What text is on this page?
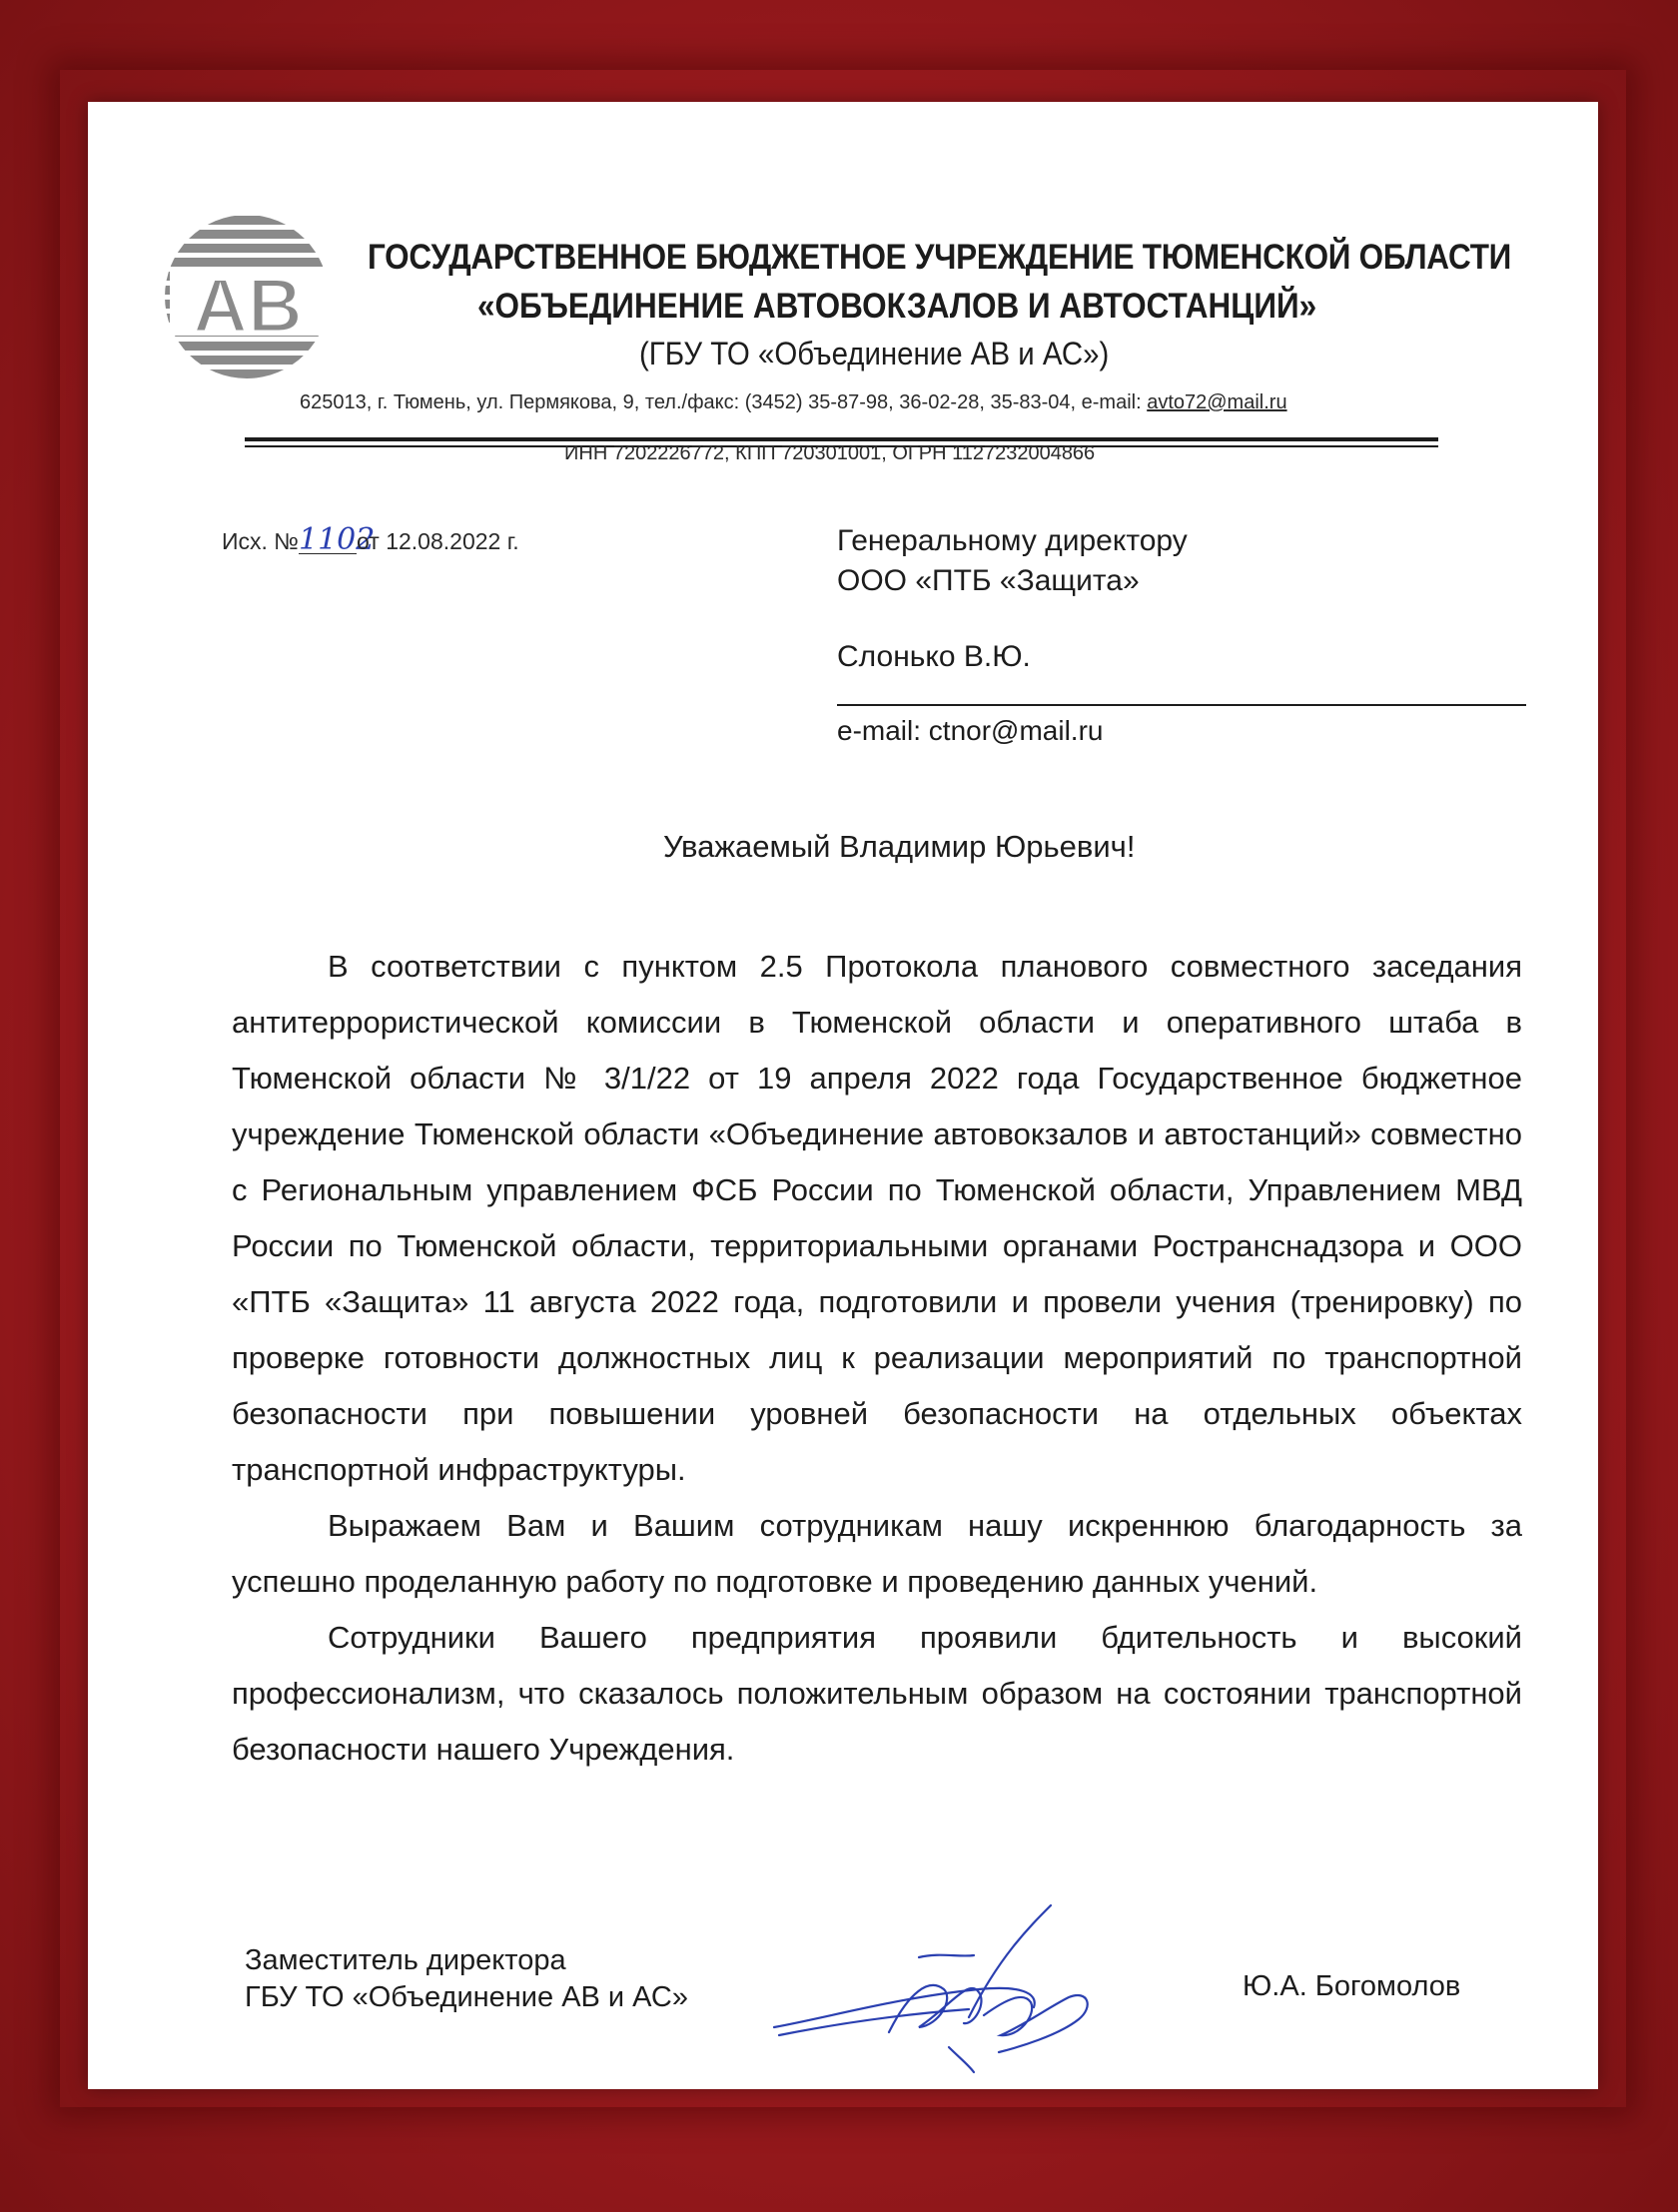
АВ
ГОСУДАРСТВЕННОЕ БЮДЖЕТНОЕ УЧРЕЖДЕНИЕ ТЮМЕНСКОЙ ОБЛАСТИ
«ОБЪЕДИНЕНИЕ АВТОВОКЗАЛОВ И АВТОСТАНЦИЙ»
(ГБУ ТО «Объединение АВ и АС»)
625013, г. Тюмень, ул. Пермякова, 9, тел./факс: (3452) 35-87-98, 36-02-28, 35-83-04, e-mail: avto72@mail.ru
ИНН 7202226772, КПП 720301001, ОГРН 1127232004866
Исх. №1102от 12.08.2022 г.	Генеральному директору
ООО «ПТБ «Защита»
Слонько В.Ю.
e-mail: ctnor@mail.ru
Уважаемый Владимир Юрьевич!

В соответствии с пунктом 2.5 Протокола планового совместного заседания антитеррористической комиссии в Тюменской области и оперативного штаба в Тюменской области № 3/1/22 от 19 апреля 2022 года Государственное бюджетное учреждение Тюменской области «Объединение автовокзалов и автостанций» совместно с Региональным управлением ФСБ России по Тюменской области, Управлением МВД России по Тюменской области, территориальными органами Ространснадзора и ООО «ПТБ «Защита» 11 августа 2022 года, подготовили и провели учения (тренировку) по проверке готовности должностных лиц к реализации мероприятий по транспортной безопасности при повышении уровней безопасности на отдельных объектах транспортной инфраструктуры.

Выражаем Вам и Вашим сотрудникам нашу искреннюю благодарность за успешно проделанную работу по подготовке и проведению данных учений.

Сотрудники Вашего предприятия проявили бдительность и высокий профессионализм, что сказалось положительным образом на состоянии транспортной безопасности нашего Учреждения.

Заместитель директора
ГБУ ТО «Объединение АВ и АС»	Ю.А. Богомолов
